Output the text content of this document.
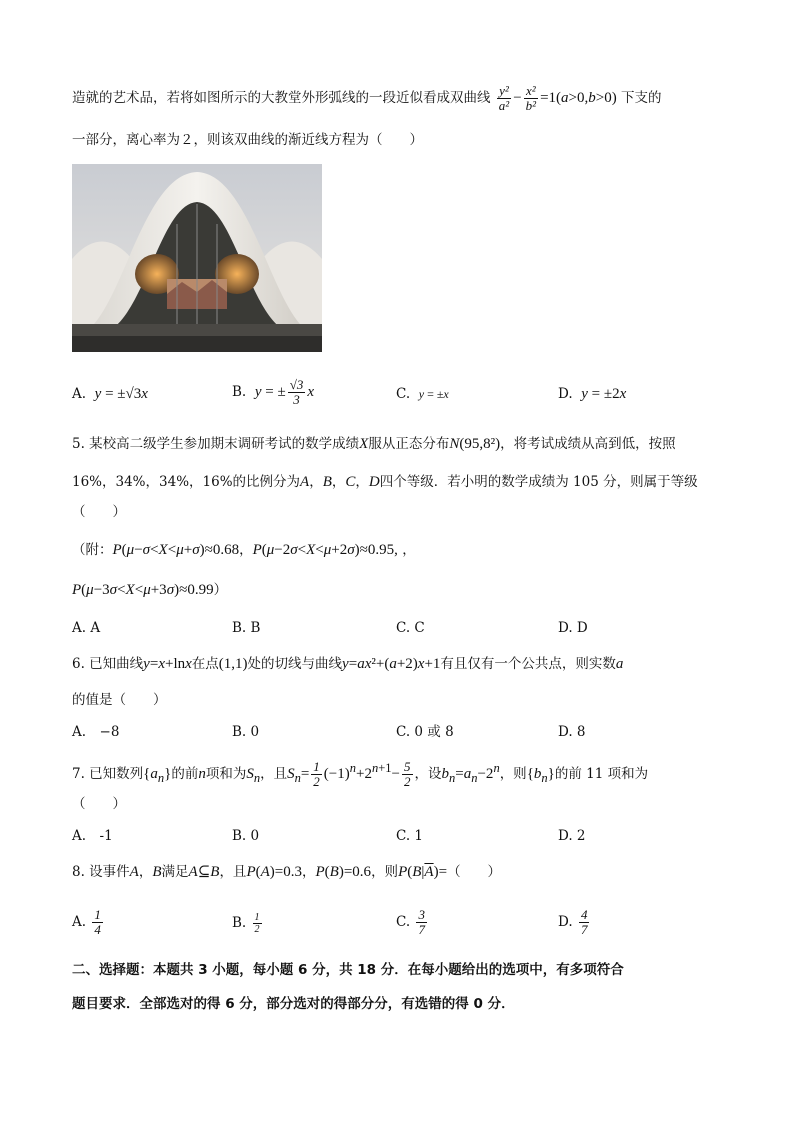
造就的艺术品，若将如图所示的大教堂外形弧线的一段近似看成双曲线 $\frac{\text{y²}}{\text{a²}} - \frac{\text{x²}}{\text{b²}} =1(a>0,b>0)$ 下支的
一部分，离心率为２，则该双曲线的渐近线方程为（　　）
A. y = ±√3x	B. y = ± $\frac{√3}{3}$ x	C. y = ±x	D. y = ±2x
5. 某校高二级学生参加期末调研考试的数学成绩X服从正态分布N(95,8²)，将考试成绩从高到低，按照
16%，34%，34%，16%的比例分为A，B，C，D四个等级．若小明的数学成绩为 105 分，则属于等级
（　　）
（附：P(μ−σ<X<μ+σ)≈0.68，P(μ−2σ<X<μ+2σ)≈0.95, ，
P(μ−3σ<X<μ+3σ)≈0.99）
A. A	B. B	C. C	D. D
6. 已知曲线y=x+lnx在点(1,1)处的切线与曲线y=ax²+(a+2)x+1有且仅有一个公共点，则实数a
的值是（　　）
A.　−8	B. 0	C. 0 或 8	D. 8
7. 已知数列$\{a_n\}$的前n项和为$S_n$，且$S_n= \frac{1}{2} (-1)^n+2^{n+1}- \frac{5}{2}$ ，设$b_n=a_n-2^n$，则$\{b_n\}$的前 11 项和为
（　　）
A.　-1	B. 0	C. 1	D. 2
8. 设事件A，B满足A⊆B，且P(A)=0.3，P(B)=0.6，则$P(B|\overline{A})=$（　　）
A. $\frac{1}{4}$	B. $\frac{1}{2}$	C. $\frac{3}{7}$	D. $\frac{4}{7}$
二、选择题：本题共 3 小题，每小题 6 分，共 18 分．在每小题给出的选项中，有多项符合
题目要求．全部选对的得 6 分，部分选对的得部分分，有选错的得 0 分．
